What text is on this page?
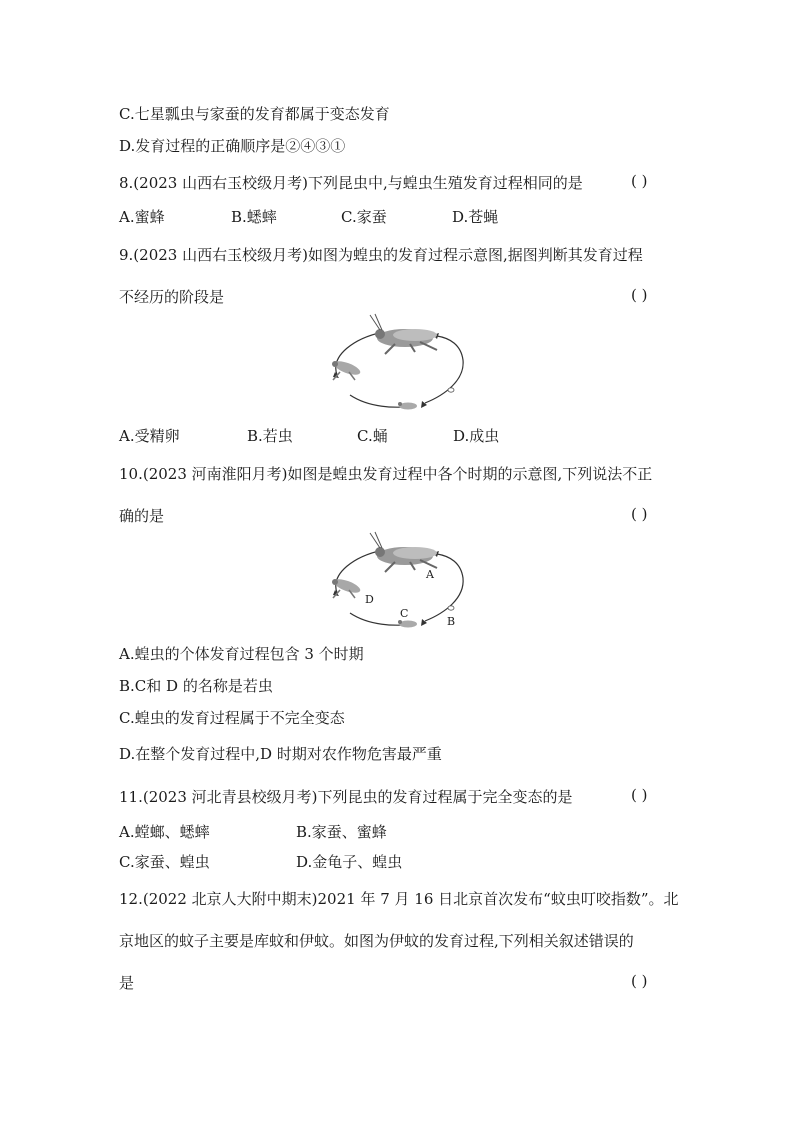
C.七星瓢虫与家蚕的发育都属于变态发育
D.发育过程的正确顺序是②④③①
8.(2023 山西右玉校级月考)下列昆虫中,与蝗虫生殖发育过程相同的是	( )
A.蜜蜂	B.蟋蟀	C.家蚕	D.苍蝇
9.(2023 山西右玉校级月考)如图为蝗虫的发育过程示意图,据图判断其发育过程
不经历的阶段是	( )
A.受精卵	B.若虫	C.蛹	D.成虫
10.(2023 河南淮阳月考)如图是蝗虫发育过程中各个时期的示意图,下列说法不正
确的是	( )
A
B
C
D
A.蝗虫的个体发育过程包含 3 个时期
B.C和 D 的名称是若虫
C.蝗虫的发育过程属于不完全变态
D.在整个发育过程中,D 时期对农作物危害最严重
11.(2023 河北青县校级月考)下列昆虫的发育过程属于完全变态的是	( )
A.螳螂、蟋蟀	B.家蚕、蜜蜂
C.家蚕、蝗虫	D.金龟子、蝗虫
12.(2022 北京人大附中期末)2021 年 7 月 16 日北京首次发布“蚊虫叮咬指数”。北
京地区的蚊子主要是库蚊和伊蚊。如图为伊蚊的发育过程,下列相关叙述错误的
是	( )
